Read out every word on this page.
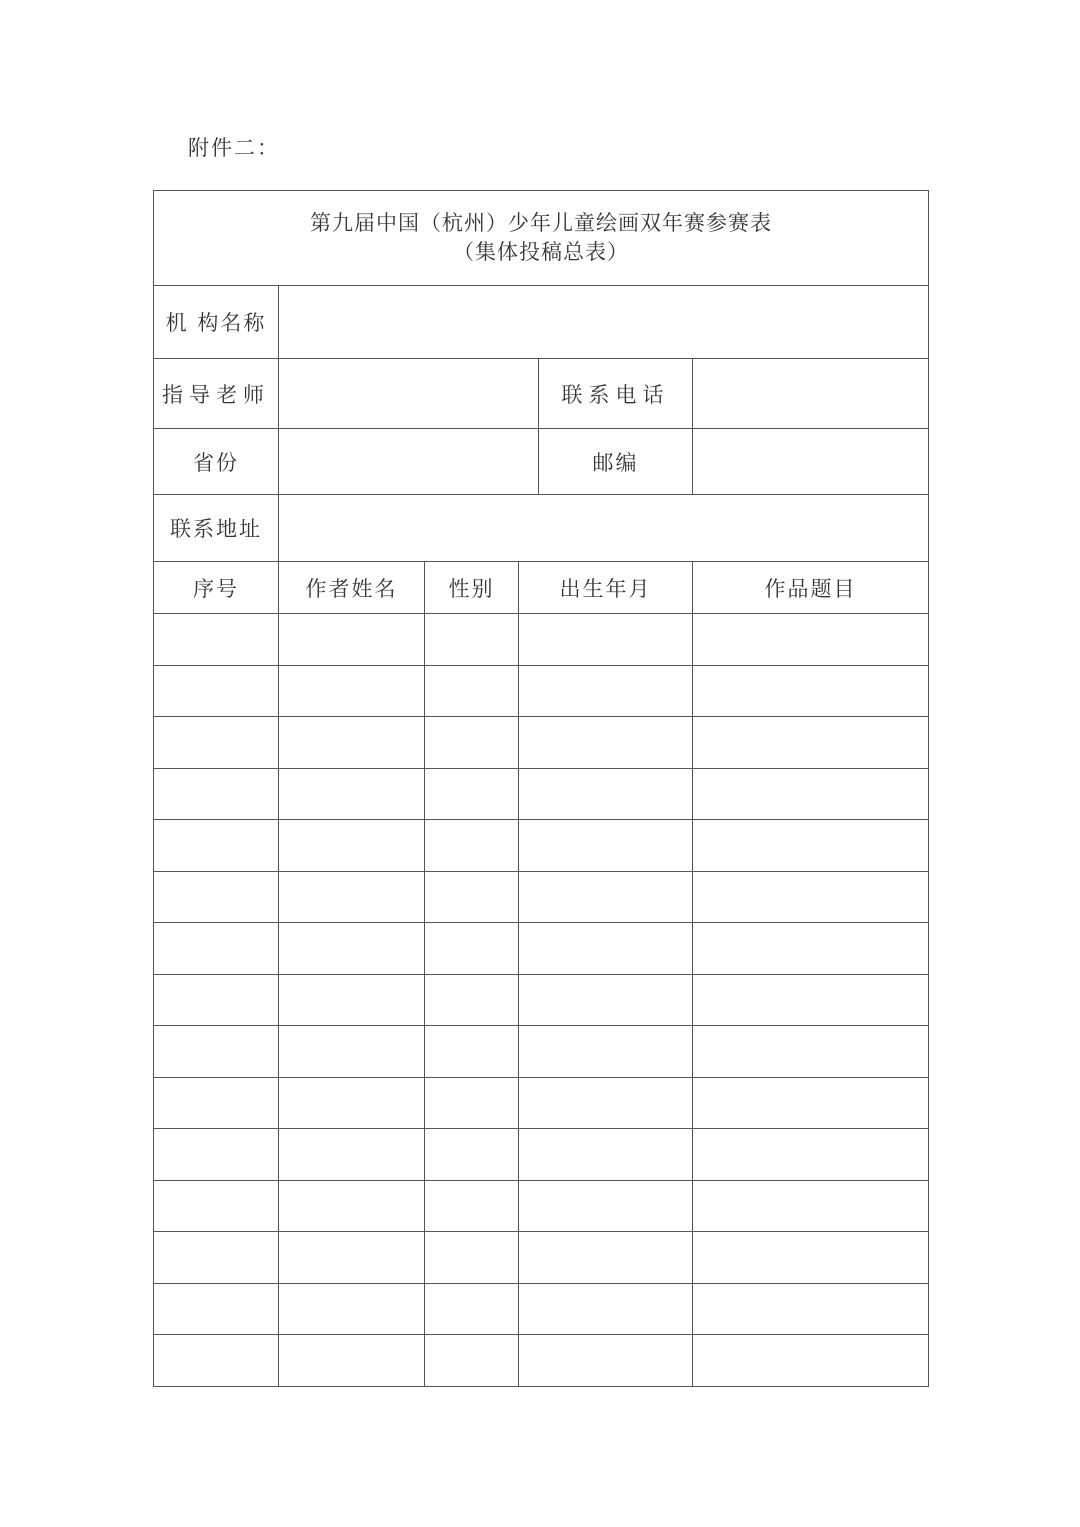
附件二：
第九届中国（杭州）少年儿童绘画双年赛参赛表
（集体投稿总表）					

机 构名称					
指导老师				联系电话	
省份				邮编	
联系地址					
序号	作者姓名	性别	出生年月		作品题目
